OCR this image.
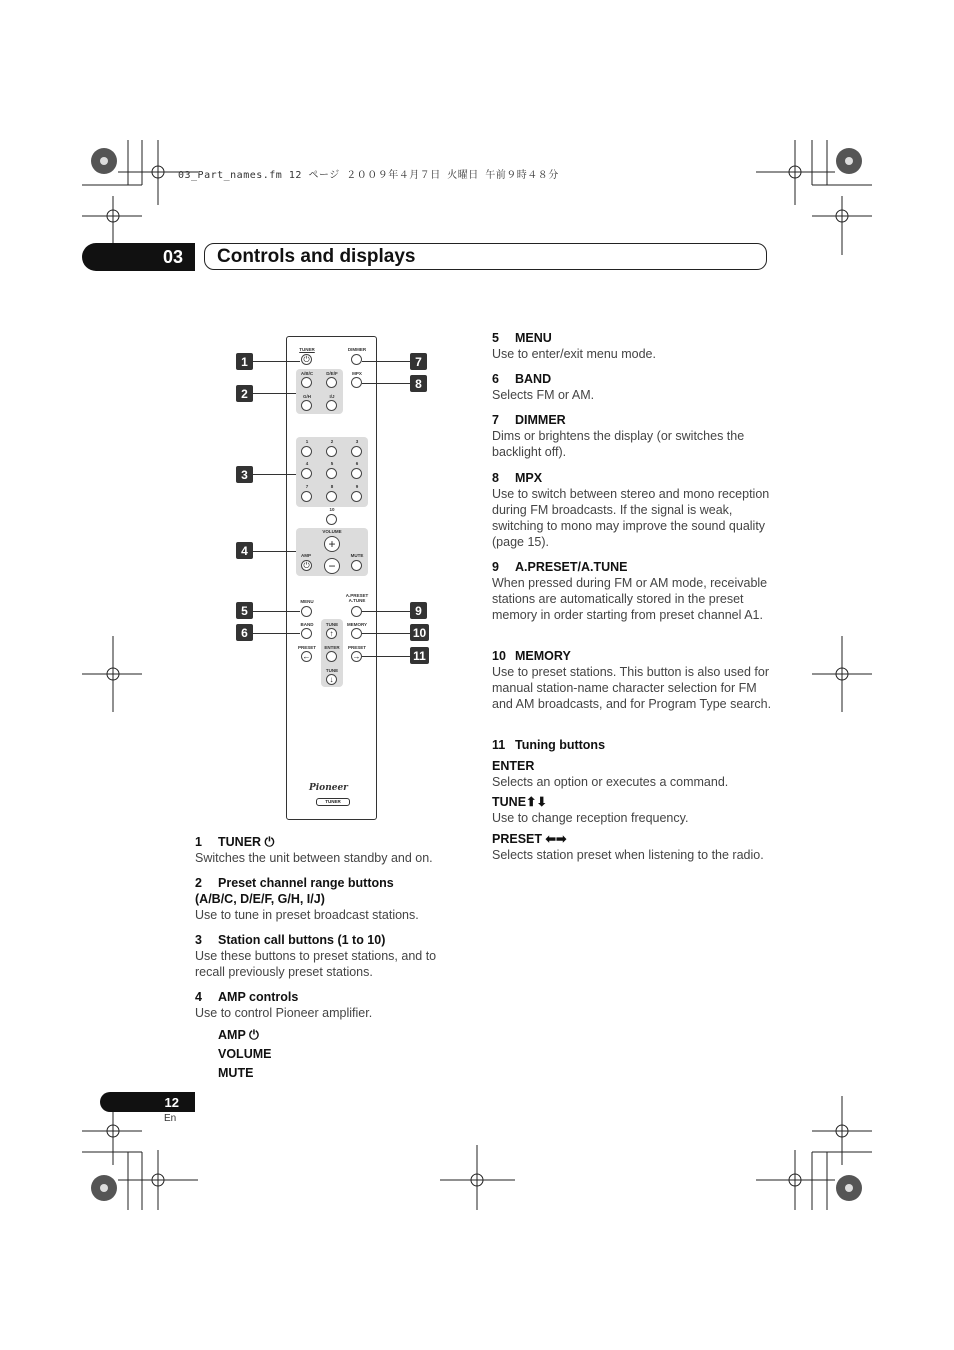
03_Part_names.fm 12 ページ ２００９年４月７日 火曜日 午前９時４８分
03	Controls and displays
TUNER
⏻
DIMMER
A/B/C	D/E/F	MPX
G/H	I/J
1	2	3
4	5	6
7	8	9
10
VOLUME
+
−
AMP
⏻
MUTE
MENU
A.PRESET
A.TUNE
BAND	TUNE
↑
MEMORY
PRESET
←
ENTER PRESET
→
TUNE
↓
Pioneer
TUNER
1
2
3
4
5
6
7
8
9
10
11
1 TUNER ⏻
Switches the unit between standby and on.
2 Preset channel range buttons
(A/B/C, D/E/F, G/H, I/J)
Use to tune in preset broadcast stations.
3 Station call buttons (1 to 10)
Use these buttons to preset stations, and to recall previously preset stations.
4 AMP controls
Use to control Pioneer amplifier.
AMP ⏻
VOLUME
MUTE
5 MENU
Use to enter/exit menu mode.
6 BAND
Selects FM or AM.
7 DIMMER
Dims or brightens the display (or switches the backlight off).
8 MPX
Use to switch between stereo and mono reception during FM broadcasts. If the signal is weak, switching to mono may improve the sound quality (page 15).
9 A.PRESET/A.TUNE
When pressed during FM or AM mode, receivable stations are automatically stored in the preset memory in order starting from preset channel A1.
10 MEMORY
Use to preset stations. This button is also used for manual station-name character selection for FM and AM broadcasts, and for Program Type search.
11 Tuning buttons
ENTER
Selects an option or executes a command.
TUNE⬆⬇
Use to change reception frequency.
PRESET ⬅➡
Selects station preset when listening to the radio.
12
En
